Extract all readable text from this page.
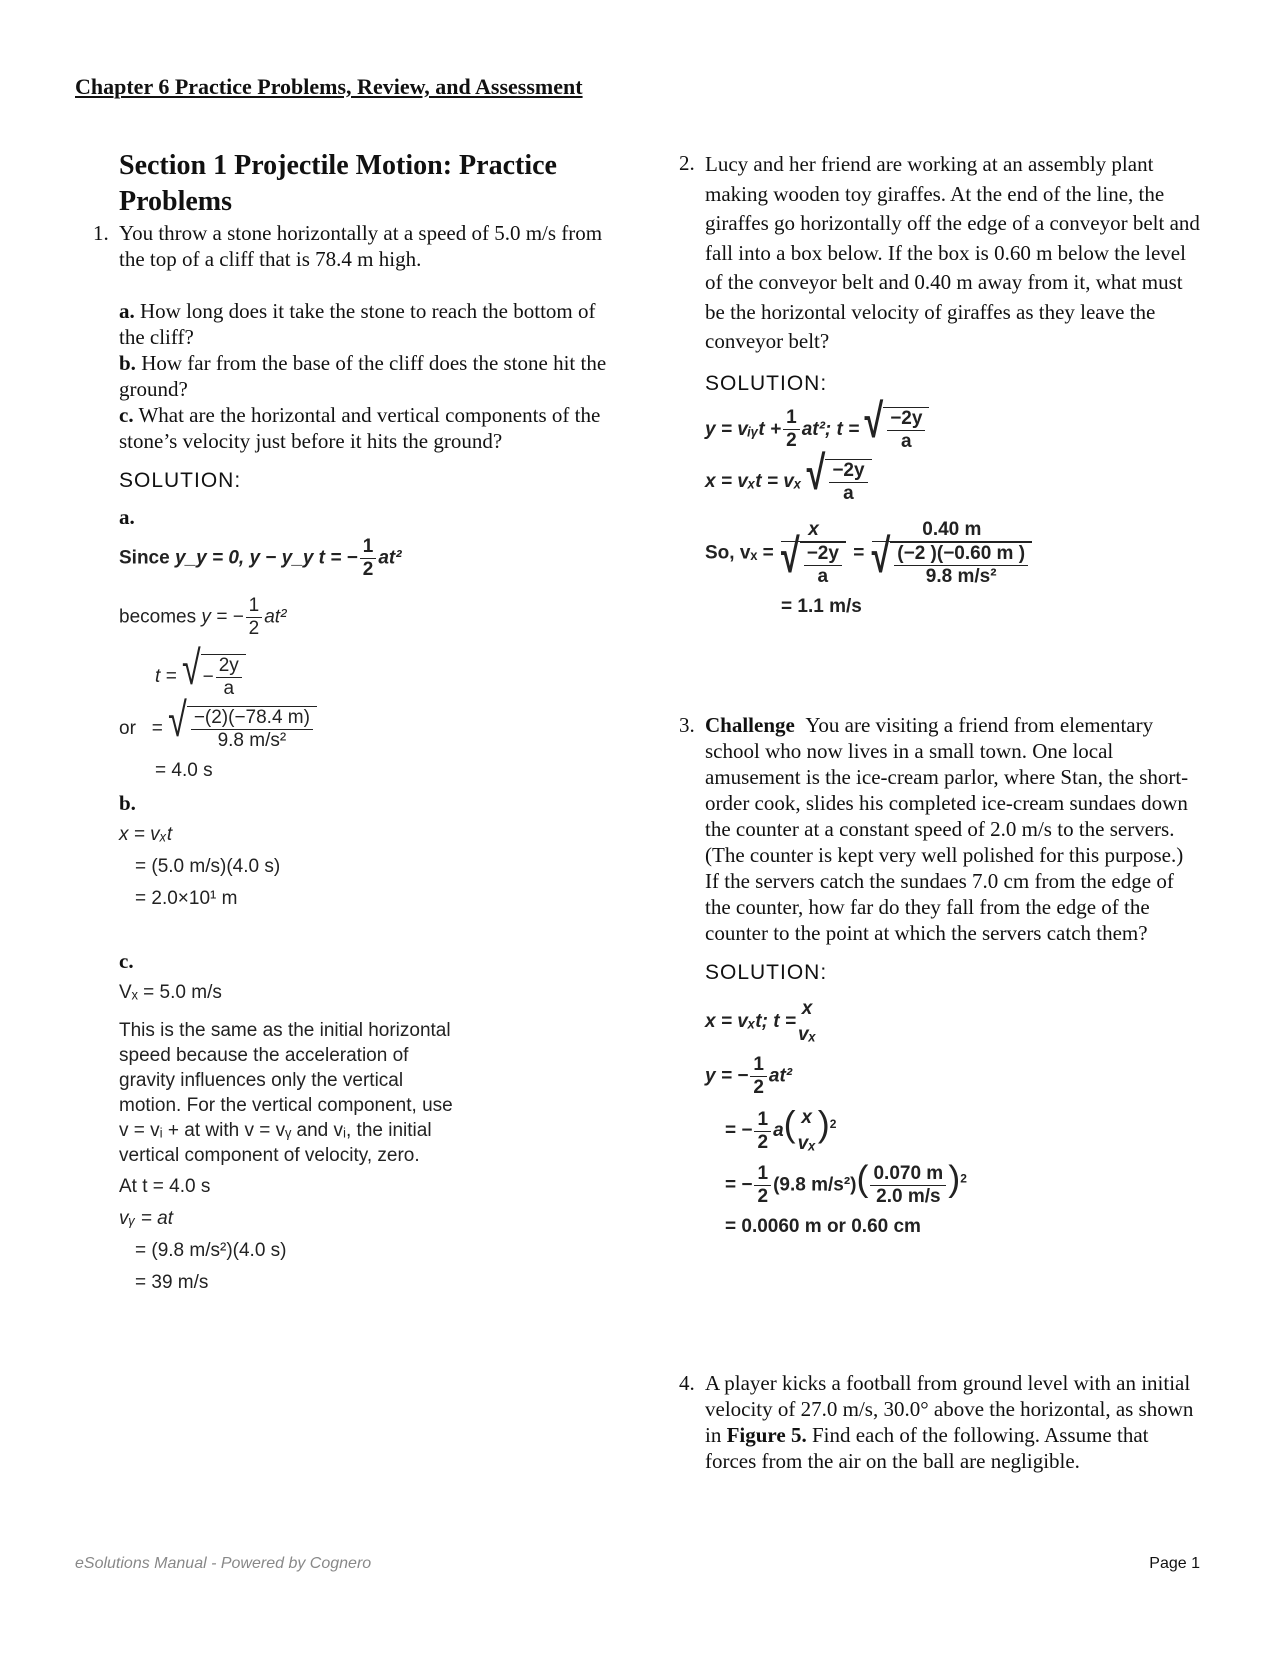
Chapter 6 Practice Problems, Review, and Assessment
Section 1 Projectile Motion: Practice Problems
1. You throw a stone horizontally at a speed of 5.0 m/s from the top of a cliff that is 78.4 m high.
a. How long does it take the stone to reach the bottom of the cliff?
b. How far from the base of the cliff does the stone hit the ground?
c. What are the horizontal and vertical components of the stone’s velocity just before it hits the ground?
SOLUTION:
a.
Since y_y = 0, y − y_y t = − $\frac{1}{2} at^2$
becomes y = − $\frac{1}{2} at^2$
t = √ − $\frac{2y}{a}$
or = √ $\frac{-(2)(-78.4 m)}{\text{9.8 m/s²}}$
= 4.0 s
b.
x = vₓt
= (5.0 m/s)(4.0 s)
= 2.0×10¹ m
c.
Vₓ = 5.0 m/s
This is the same as the initial horizontal speed because the acceleration of gravity influences only the vertical motion. For the vertical component, use v = vᵢ + at with v = vᵧ and vᵢ, the initial vertical component of velocity, zero.
At t = 4.0 s
vᵧ = at
= (9.8 m/s²)(4.0 s)
= 39 m/s
2. Lucy and her friend are working at an assembly plant making wooden toy giraffes. At the end of the line, the giraffes go horizontally off the edge of a conveyor belt and fall into a box below. If the box is 0.60 m below the level of the conveyor belt and 0.40 m away from it, what must be the horizontal velocity of giraffes as they leave the conveyor belt?
SOLUTION:
y = vᵢᵧt + $\frac{1}{2} at^2$; t = √ $\frac{-2y}{a}$
x = vₓt = vₓ √ $\frac{-2y}{a}$
So, $v_x = \frac{x}{√ \frac{-2y}{a}} = \frac{0.40 m}{√ \frac{(-2 )(-0.60 m )}{\text{9.8 m/s²}}}$
= 1.1 m/s
3. Challenge You are visiting a friend from elementary school who now lives in a small town. One local amusement is the ice-cream parlor, where Stan, the short-order cook, slides his completed ice-cream sundaes down the counter at a constant speed of 2.0 m/s to the servers. (The counter is kept very well polished for this purpose.) If the servers catch the sundaes 7.0 cm from the edge of the counter, how far do they fall from the edge of the counter to the point at which the servers catch them?
SOLUTION:
x = vₓt; t =
x
vₓ
y = − $\frac{1}{2} at^2$
= − $\frac{1}{2} a$( x
vₓ )$^2$
= − $\frac{1}{2} (9.8$ $m/s^2)( \frac{0.070 m}{2.0 m/s} )^2$
= 0.0060 m or 0.60 cm
4. A player kicks a football from ground level with an initial velocity of 27.0 m/s, 30.0° above the horizontal, as shown in Figure 5. Find each of the following. Assume that forces from the air on the ball are negligible.
eSolutions Manual - Powered by Cognero	Page 1
